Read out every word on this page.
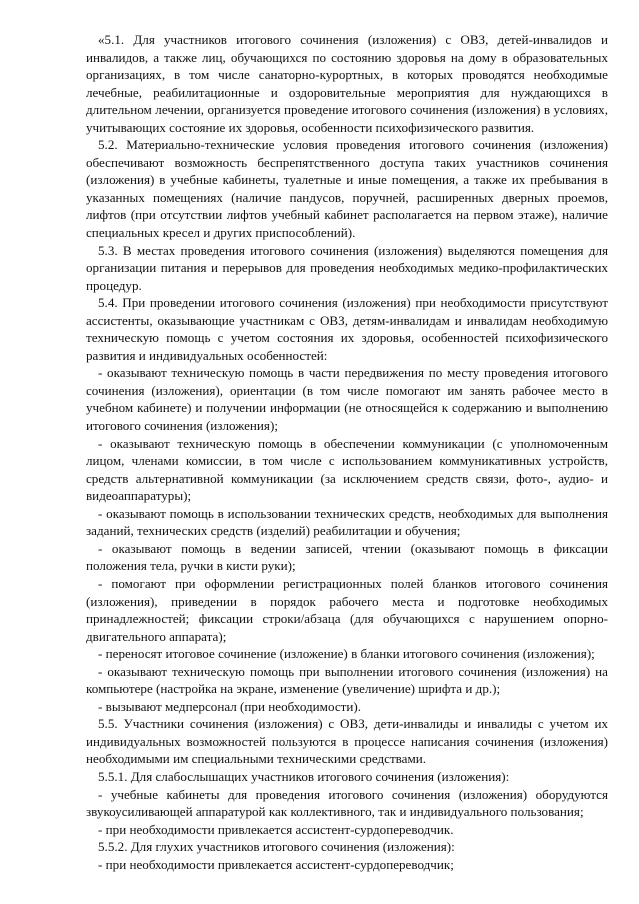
«5.1. Для участников итогового сочинения (изложения) с ОВЗ, детей-инвалидов и инвалидов, а также лиц, обучающихся по состоянию здоровья на дому в образовательных организациях, в том числе санаторно-курортных, в которых проводятся необходимые лечебные, реабилитационные и оздоровительные мероприятия для нуждающихся в длительном лечении, организуется проведение итогового сочинения (изложения) в условиях, учитывающих состояние их здоровья, особенности психофизического развития.

5.2. Материально-технические условия проведения итогового сочинения (изложения) обеспечивают возможность беспрепятственного доступа таких участников сочинения (изложения) в учебные кабинеты, туалетные и иные помещения, а также их пребывания в указанных помещениях (наличие пандусов, поручней, расширенных дверных проемов, лифтов (при отсутствии лифтов учебный кабинет располагается на первом этаже), наличие специальных кресел и других приспособлений).

5.3. В местах проведения итогового сочинения (изложения) выделяются помещения для организации питания и перерывов для проведения необходимых медико-профилактических процедур.

5.4. При проведении итогового сочинения (изложения) при необходимости присутствуют ассистенты, оказывающие участникам с ОВЗ, детям-инвалидам и инвалидам необходимую техническую помощь с учетом состояния их здоровья, особенностей психофизического развития и индивидуальных особенностей:

- оказывают техническую помощь в части передвижения по месту проведения итогового сочинения (изложения), ориентации (в том числе помогают им занять рабочее место в учебном кабинете) и получении информации (не относящейся к содержанию и выполнению итогового сочинения (изложения);

- оказывают техническую помощь в обеспечении коммуникации (с уполномоченным лицом, членами комиссии, в том числе с использованием коммуникативных устройств, средств альтернативной коммуникации (за исключением средств связи, фото-, аудио- и видеоаппаратуры);

- оказывают помощь в использовании технических средств, необходимых для выполнения заданий, технических средств (изделий) реабилитации и обучения;

- оказывают помощь в ведении записей, чтении (оказывают помощь в фиксации положения тела, ручки в кисти руки);

- помогают при оформлении регистрационных полей бланков итогового сочинения (изложения), приведении в порядок рабочего места и подготовке необходимых принадлежностей; фиксации строки/абзаца (для обучающихся с нарушением опорно-двигательного аппарата);

- переносят итоговое сочинение (изложение) в бланки итогового сочинения (изложения);

- оказывают техническую помощь при выполнении итогового сочинения (изложения) на компьютере (настройка на экране, изменение (увеличение) шрифта и др.);

- вызывают медперсонал (при необходимости).

5.5. Участники сочинения (изложения) с ОВЗ, дети-инвалиды и инвалиды с учетом их индивидуальных возможностей пользуются в процессе написания сочинения (изложения) необходимыми им специальными техническими средствами.

5.5.1. Для слабослышащих участников итогового сочинения (изложения):

- учебные кабинеты для проведения итогового сочинения (изложения) оборудуются звукоусиливающей аппаратурой как коллективного, так и индивидуального пользования;

- при необходимости привлекается ассистент-сурдопереводчик.

5.5.2. Для глухих участников итогового сочинения (изложения):

- при необходимости привлекается ассистент-сурдопереводчик;
